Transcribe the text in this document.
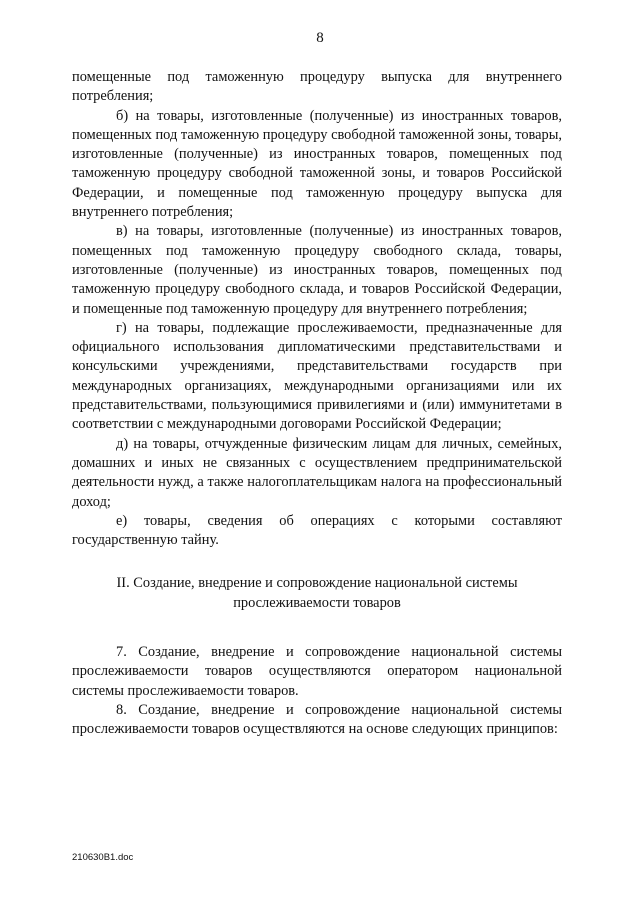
8

помещенные под таможенную процедуру выпуска для внутреннего потребления;

б) на товары, изготовленные (полученные) из иностранных товаров, помещенных под таможенную процедуру свободной таможенной зоны, товары, изготовленные (полученные) из иностранных товаров, помещенных под таможенную процедуру свободной таможенной зоны, и товаров Российской Федерации, и помещенные под таможенную процедуру выпуска для внутреннего потребления;

в) на товары, изготовленные (полученные) из иностранных товаров, помещенных под таможенную процедуру свободного склада, товары, изготовленные (полученные) из иностранных товаров, помещенных под таможенную процедуру свободного склада, и товаров Российской Федерации, и помещенные под таможенную процедуру для внутреннего потребления;

г) на товары, подлежащие прослеживаемости, предназначенные для официального использования дипломатическими представительствами и консульскими учреждениями, представительствами государств при международных организациях, международными организациями или их представительствами, пользующимися привилегиями и (или) иммунитетами в соответствии с международными договорами Российской Федерации;

д) на товары, отчужденные физическим лицам для личных, семейных, домашних и иных не связанных с осуществлением предпринимательской деятельности нужд, а также налогоплательщикам налога на профессиональный доход;

е) товары, сведения об операциях с которыми составляют государственную тайну.

II. Создание, внедрение и сопровождение национальной системы
прослеживаемости товаров

7. Создание, внедрение и сопровождение национальной системы прослеживаемости товаров осуществляются оператором национальной системы прослеживаемости товаров.

8. Создание, внедрение и сопровождение национальной системы прослеживаемости товаров осуществляются на основе следующих принципов:

210630B1.doc
